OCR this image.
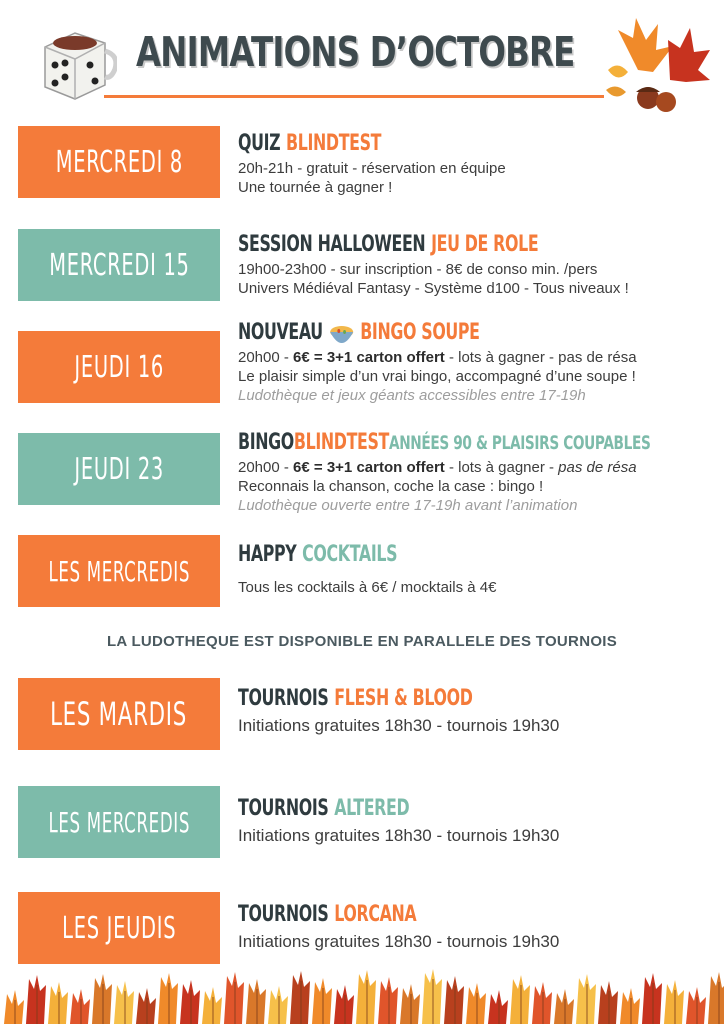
ANIMATIONS D’OCTOBRE
MERCREDI 8
QUIZ BLINDTEST
20h-21h - gratuit - réservation en équipe
Une tournée à gagner !
MERCREDI 15
SESSION HALLOWEEN JEU DE ROLE
19h00-23h00 - sur inscription - 8€ de conso min. /pers
Univers Médiéval Fantasy - Système d100 - Tous niveaux !
JEUDI 16
NOUVEAU BINGO SOUPE
20h00 - 6€ = 3+1 carton offert - lots à gagner - pas de résa
Le plaisir simple d’un vrai bingo, accompagné d’une soupe !
Ludothèque et jeux géants accessibles entre 17-19h
JEUDI 23
BINGO BLINDTEST ANNÉES 90 & PLAISIRS COUPABLES
20h00 - 6€ = 3+1 carton offert - lots à gagner - pas de résa
Reconnais la chanson, coche la case : bingo !
Ludothèque ouverte entre 17-19h avant l’animation
LES MERCREDIS HAPPY COCKTAILS
Tous les cocktails à 6€ / mocktails à 4€
LA LUDOTHEQUE EST DISPONIBLE EN PARALLELE DES TOURNOIS
LES MARDIS TOURNOIS FLESH & BLOOD
Initiations gratuites 18h30 - tournois 19h30
LES MERCREDIS TOURNOIS ALTERED
Initiations gratuites 18h30 - tournois 19h30
LES JEUDIS	TOURNOIS LORCANA
Initiations gratuites 18h30 - tournois 19h30
